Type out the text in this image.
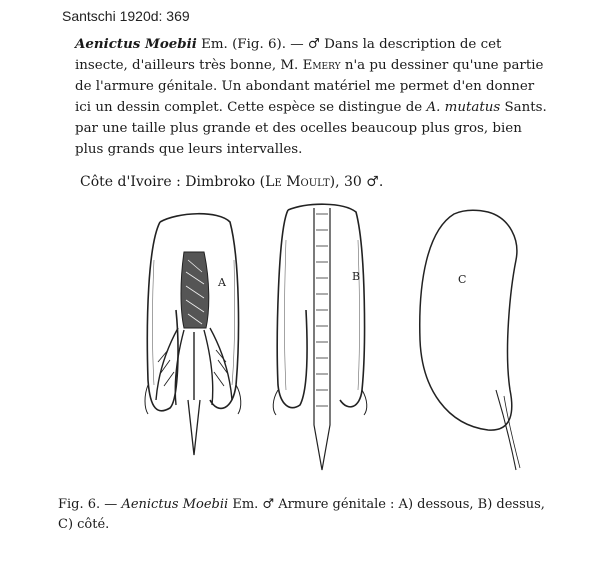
Santschi 1920d: 369

Aenictus Moebii Em. (Fig. 6). — ♂ Dans la description de cet
insecte, d'ailleurs très bonne, M. Emery n'a pu dessiner qu'une partie
de l'armure génitale. Un abondant matériel me permet d'en donner
ici un dessin complet. Cette espèce se distingue de A. mutatus Sants.
par une taille plus grande et des ocelles beaucoup plus gros, bien
plus grands que leurs intervalles.

Côte d'Ivoire : Dimbroko (Le Moult), 30 ♂.
A	B	C
Fig. 6. — Aenictus Moebii Em. ♂ Armure génitale : A) dessous, B) dessus,
C) côté.
